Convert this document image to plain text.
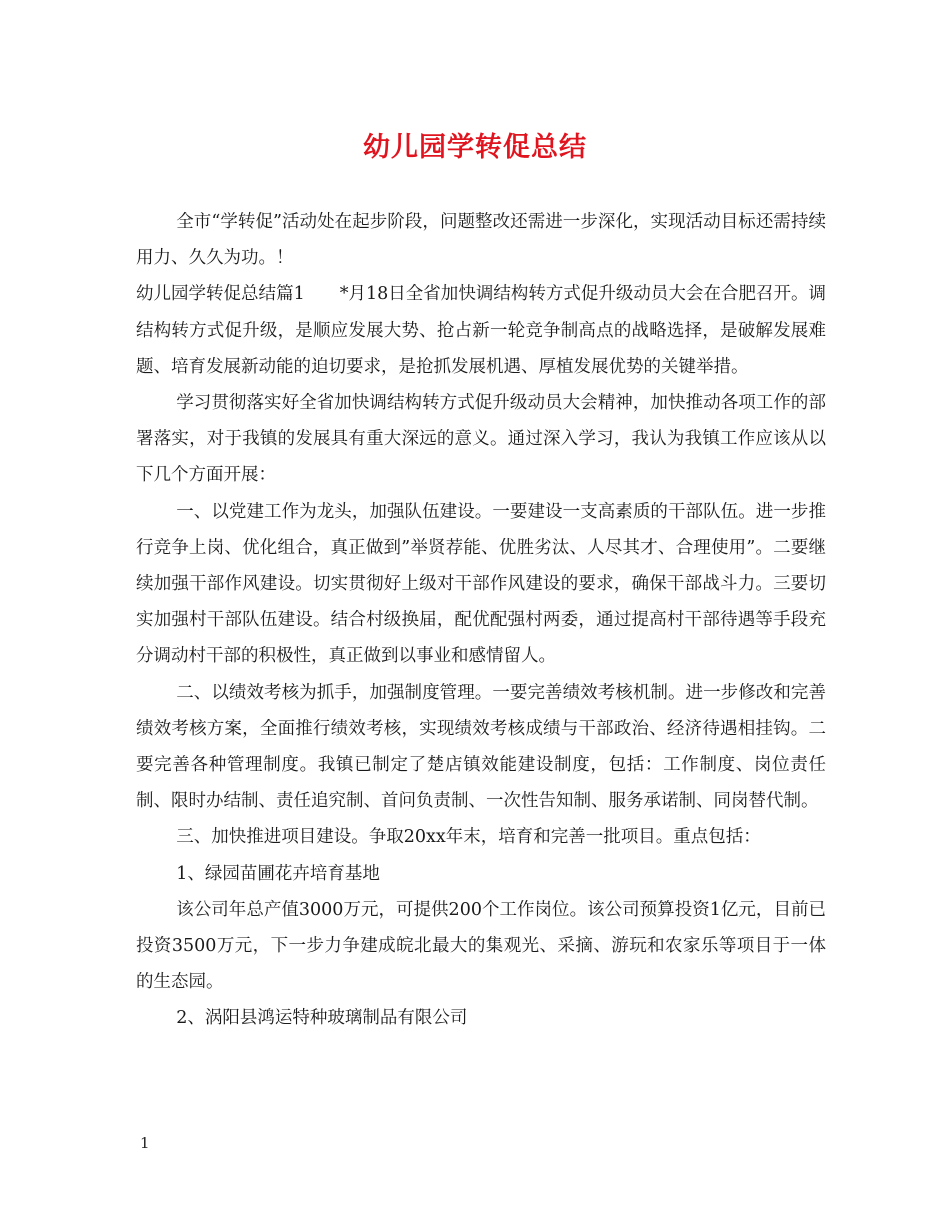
幼儿园学转促总结

全市“学转促”活动处在起步阶段，问题整改还需进一步深化，实现活动目标还需持续用力、久久为功。！

幼儿园学转促总结篇1　　*月18日全省加快调结构转方式促升级动员大会在合肥召开。调结构转方式促升级，是顺应发展大势、抢占新一轮竞争制高点的战略选择，是破解发展难题、培育发展新动能的迫切要求，是抢抓发展机遇、厚植发展优势的关键举措。

学习贯彻落实好全省加快调结构转方式促升级动员大会精神，加快推动各项工作的部署落实，对于我镇的发展具有重大深远的意义。通过深入学习，我认为我镇工作应该从以下几个方面开展：

一、以党建工作为龙头，加强队伍建设。一要建设一支高素质的干部队伍。进一步推行竞争上岗、优化组合，真正做到”举贤荐能、优胜劣汰、人尽其才、合理使用”。二要继续加强干部作风建设。切实贯彻好上级对干部作风建设的要求，确保干部战斗力。三要切实加强村干部队伍建设。结合村级换届，配优配强村两委，通过提高村干部待遇等手段充分调动村干部的积极性，真正做到以事业和感情留人。

二、以绩效考核为抓手，加强制度管理。一要完善绩效考核机制。进一步修改和完善绩效考核方案，全面推行绩效考核，实现绩效考核成绩与干部政治、经济待遇相挂钩。二要完善各种管理制度。我镇已制定了楚店镇效能建设制度，包括：工作制度、岗位责任制、限时办结制、责任追究制、首问负责制、一次性告知制、服务承诺制、同岗替代制。

三、加快推进项目建设。争取20xx年末，培育和完善一批项目。重点包括：

1、绿园苗圃花卉培育基地

该公司年总产值3000万元，可提供200个工作岗位。该公司预算投资1亿元，目前已投资3500万元，下一步力争建成皖北最大的集观光、采摘、游玩和农家乐等项目于一体的生态园。

2、涡阳县鸿运特种玻璃制品有限公司

1
